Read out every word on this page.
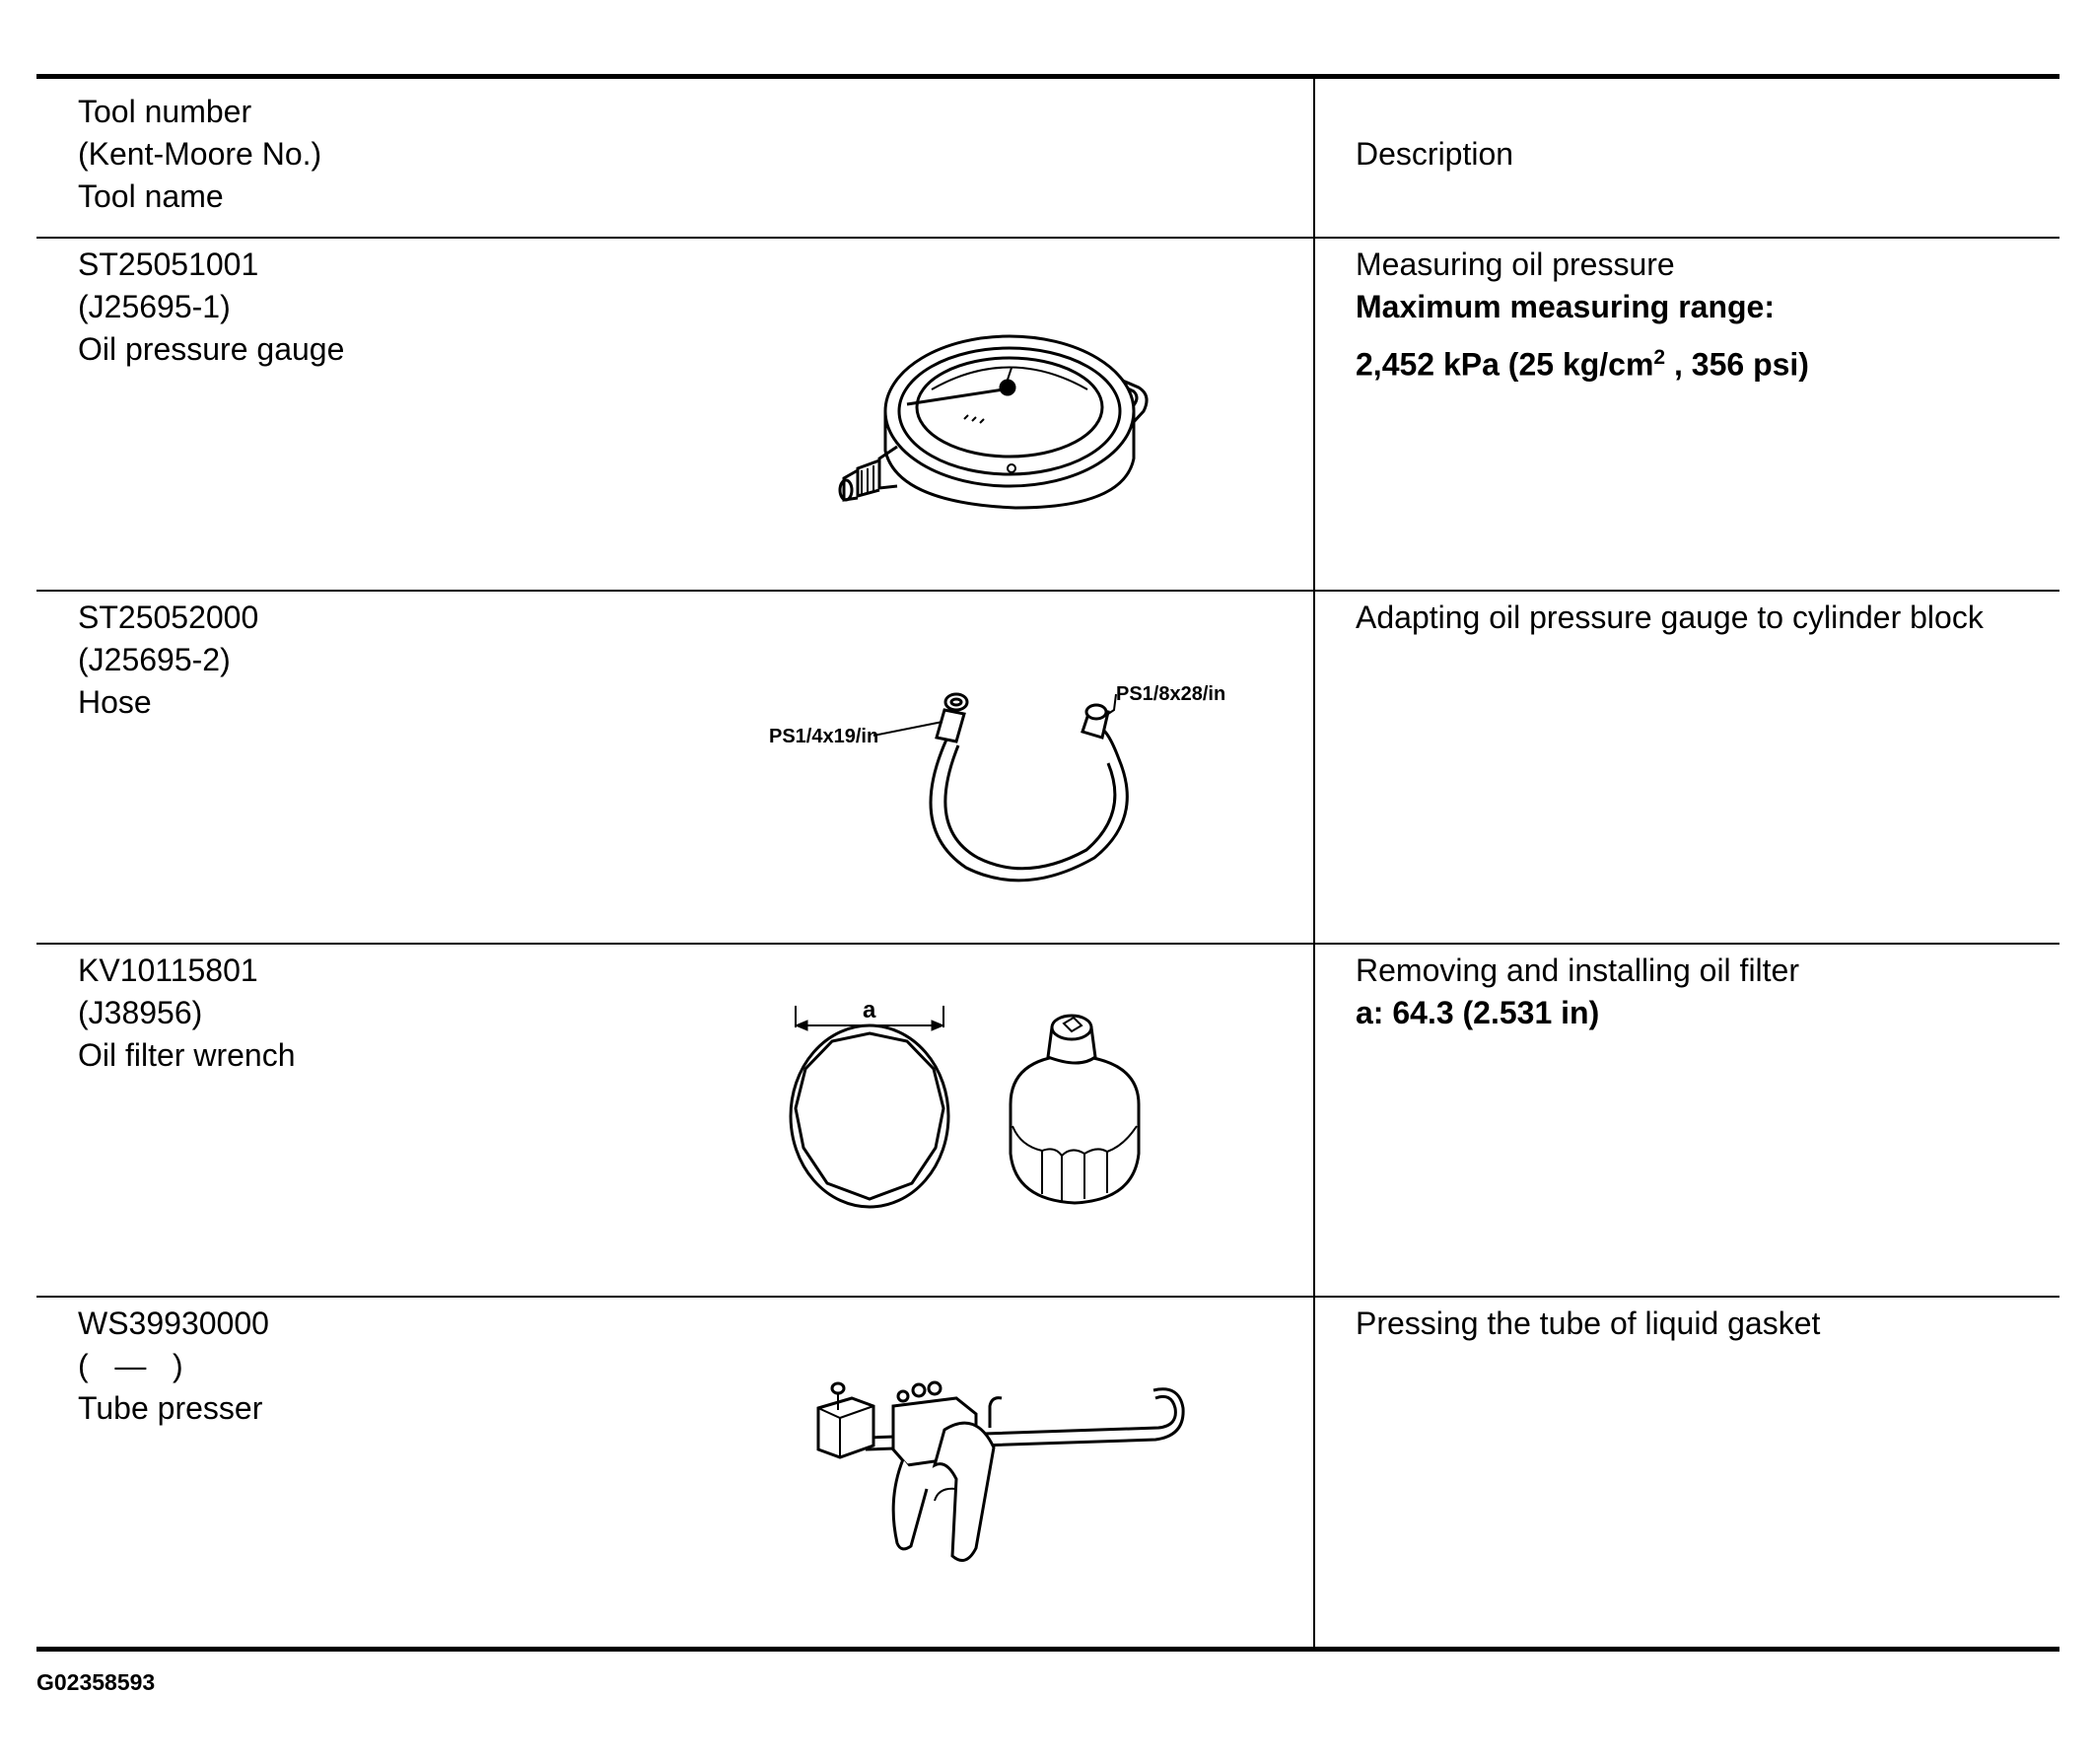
Tool number
(Kent-Moore No.)
Tool name
Description
ST25051001
(J25695-1)
Oil pressure gauge
Measuring oil pressure
Maximum measuring range:
2,452 kPa (25 $kg/cm^2$ , 356 psi)
ST25052000
(J25695-2)
Hose
Adapting oil pressure gauge to cylinder block
KV10115801
(J38956)
Oil filter wrench
Removing and installing oil filter
a: 64.3 (2.531 in)
WS39930000
(   —   )
Tube presser
Pressing the tube of liquid gasket
PS1/4x19/in
PS1/8x28/in
a
G02358593
